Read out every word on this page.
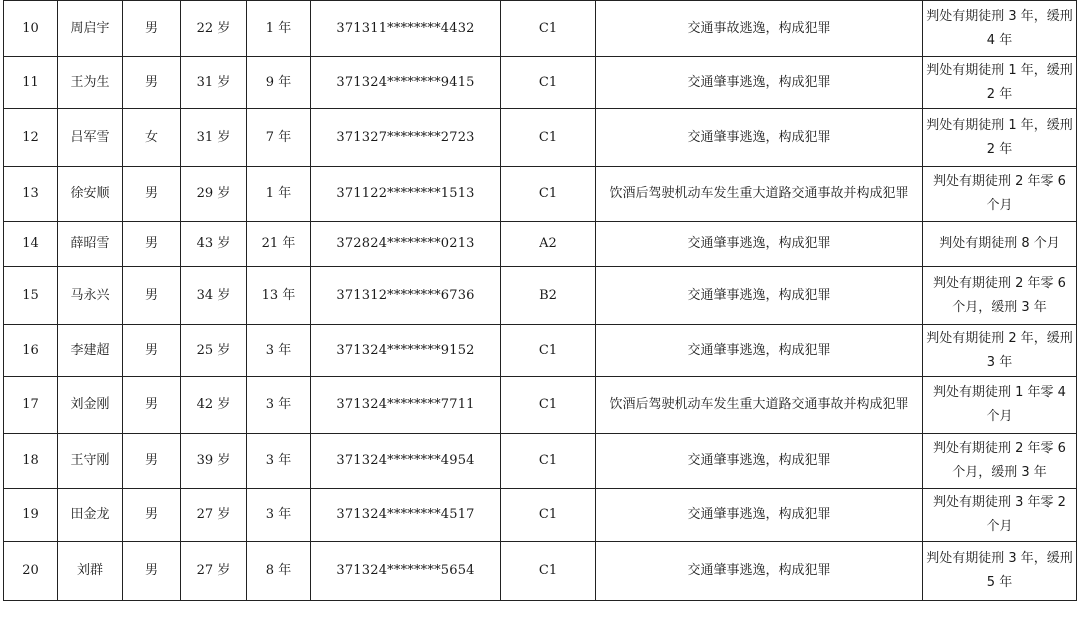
10	周启宇	男	22 岁	1 年	371311********4432	C1	交通事故逃逸，构成犯罪	判处有期徒刑 3 年，缓刑 4 年
11	王为生	男	31 岁	9 年	371324********9415	C1	交通肇事逃逸，构成犯罪	判处有期徒刑 1 年，缓刑 2 年
12	吕军雪	女	31 岁	7 年	371327********2723	C1	交通肇事逃逸，构成犯罪	判处有期徒刑 1 年，缓刑 2 年
13	徐安顺	男	29 岁	1 年	371122********1513	C1	饮酒后驾驶机动车发生重大道路交通事故并构成犯罪	判处有期徒刑 2 年零 6 个月
14	薛昭雪	男	43 岁	21 年	372824********0213	A2	交通肇事逃逸，构成犯罪	判处有期徒刑 8 个月
15	马永兴	男	34 岁	13 年	371312********6736	B2	交通肇事逃逸，构成犯罪	判处有期徒刑 2 年零 6 个月，缓刑 3 年
16	李建超	男	25 岁	3 年	371324********9152	C1	交通肇事逃逸，构成犯罪	判处有期徒刑 2 年，缓刑 3 年
17	刘金刚	男	42 岁	3 年	371324********7711	C1	饮酒后驾驶机动车发生重大道路交通事故并构成犯罪	判处有期徒刑 1 年零 4 个月
18	王守刚	男	39 岁	3 年	371324********4954	C1	交通肇事逃逸，构成犯罪	判处有期徒刑 2 年零 6 个月，缓刑 3 年
19	田金龙	男	27 岁	3 年	371324********4517	C1	交通肇事逃逸，构成犯罪	判处有期徒刑 3 年零 2 个月
20	刘群	男	27 岁	8 年	371324********5654	C1	交通肇事逃逸，构成犯罪	判处有期徒刑 3 年，缓刑 5 年
